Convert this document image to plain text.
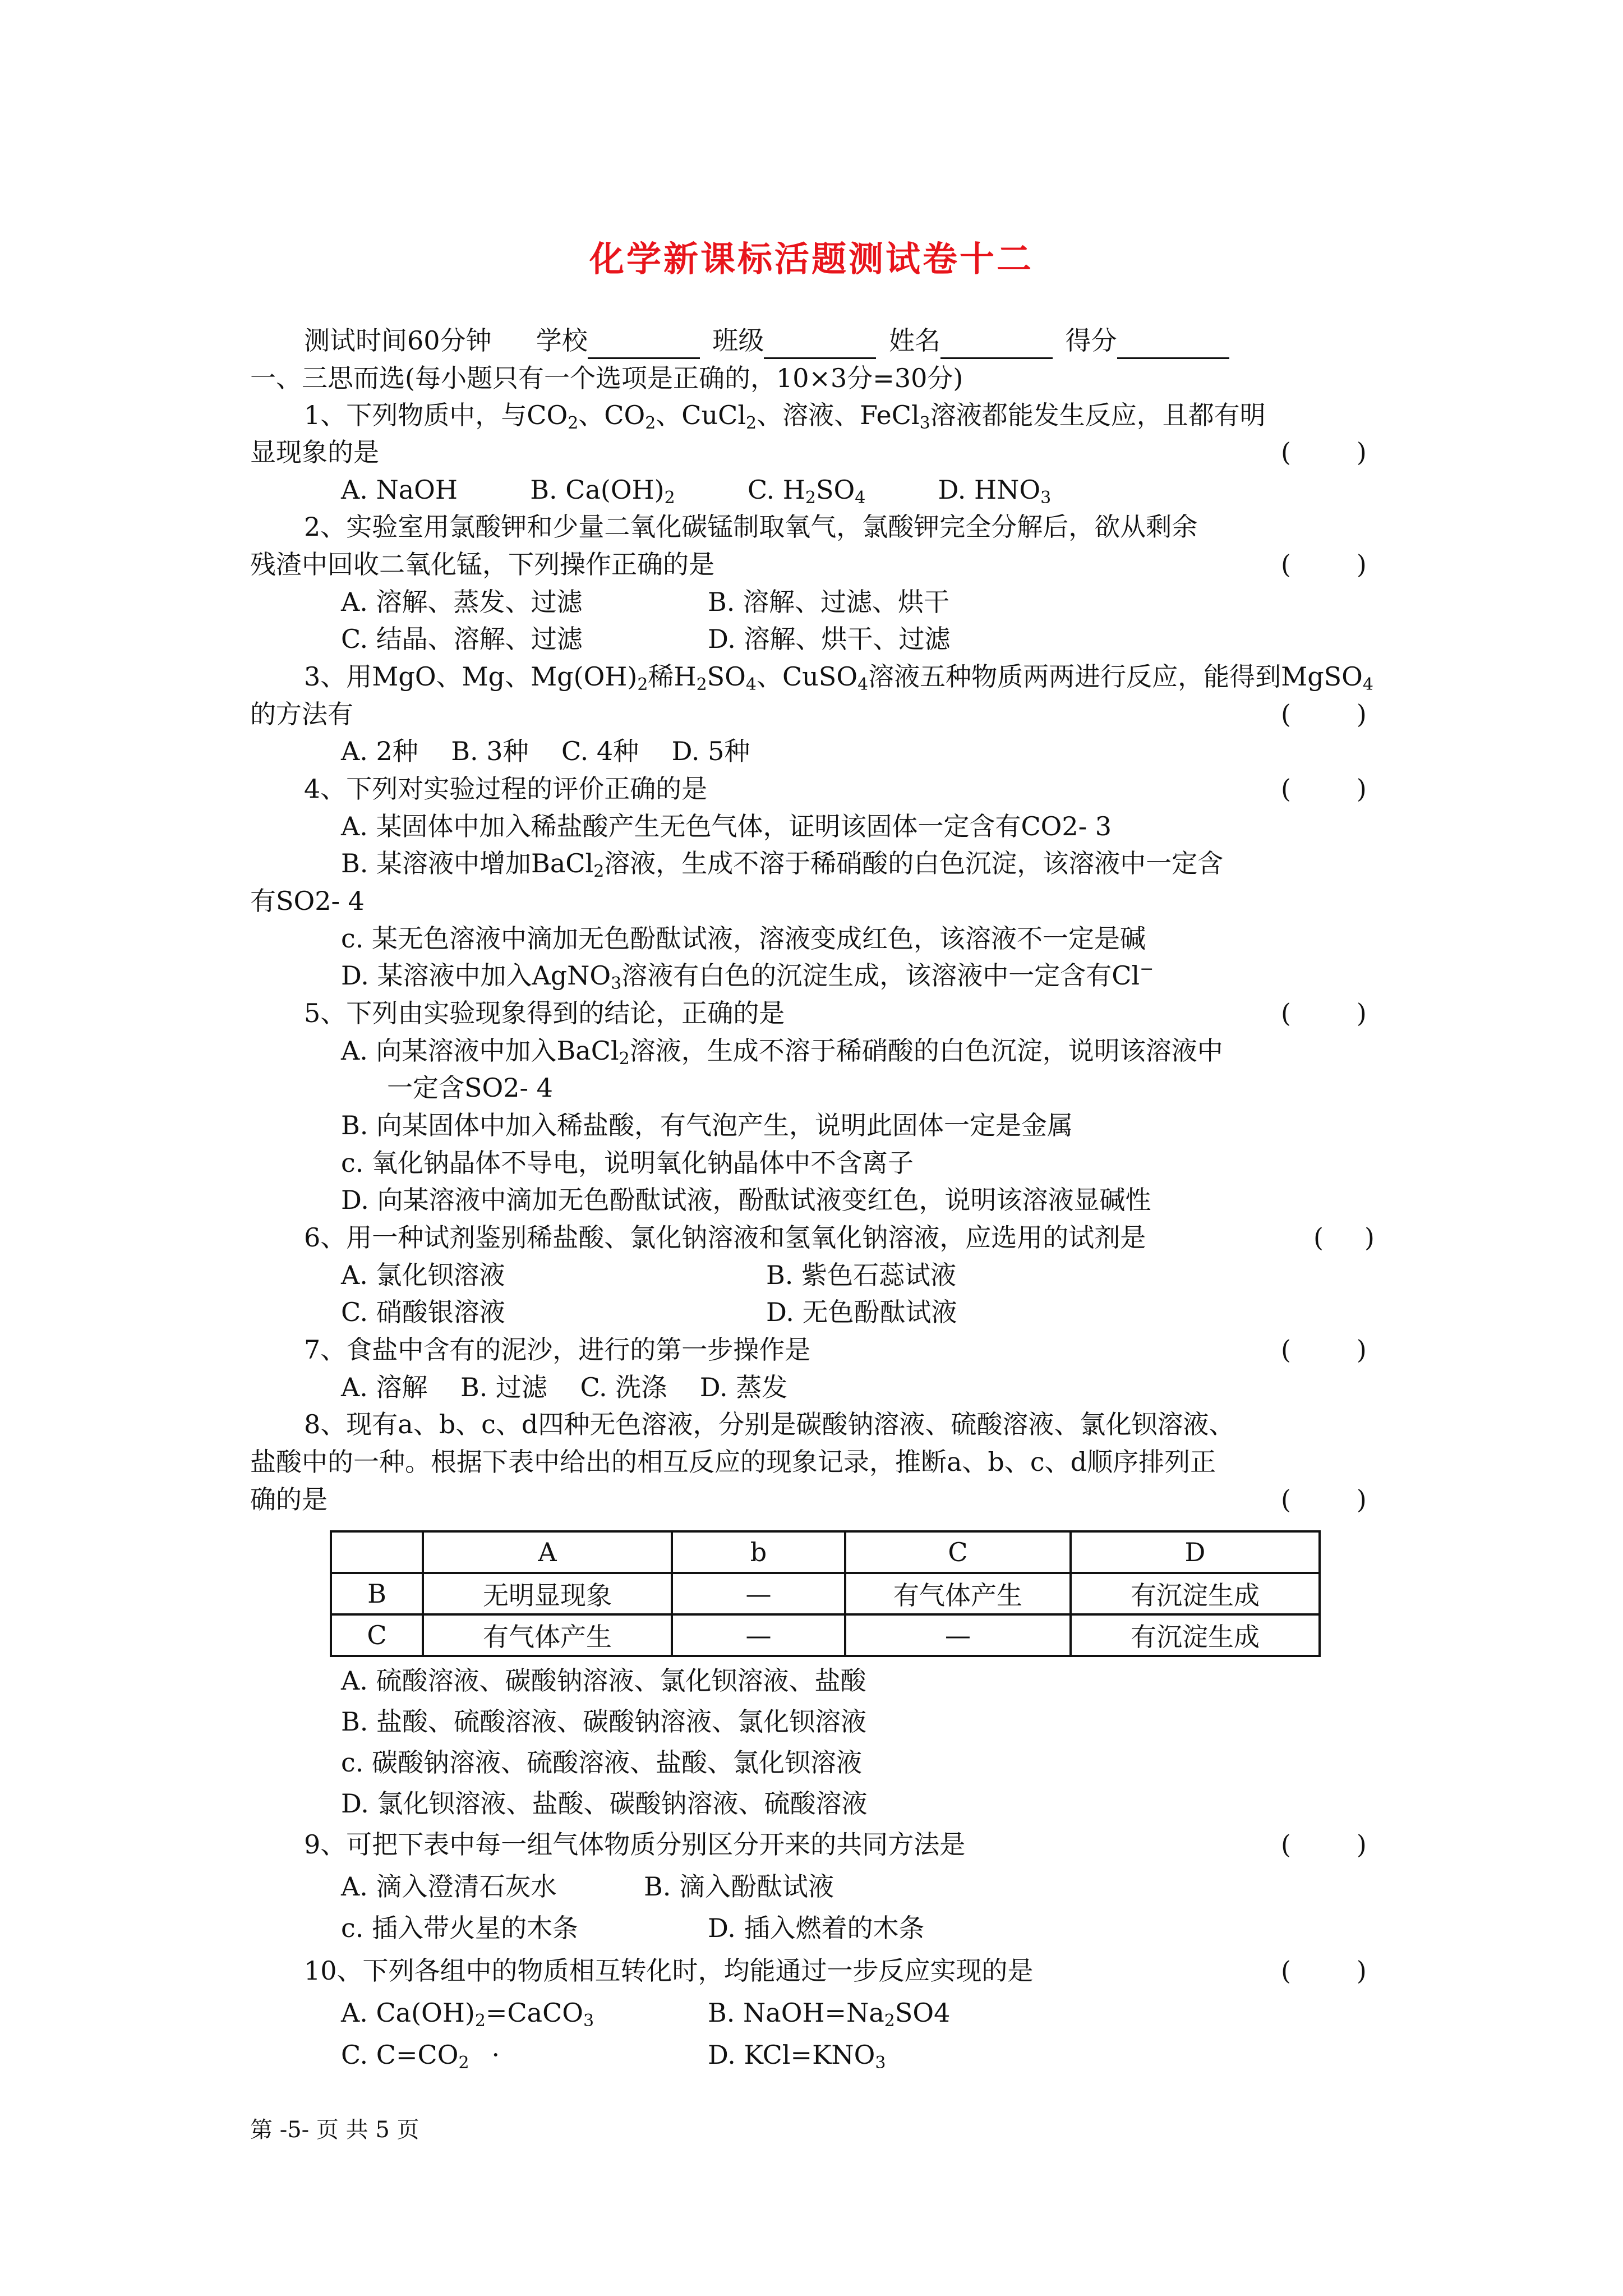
化学新课标活题测试卷十二
测试时间60分钟 学校	班级	姓名	得分
一、三思而选(每小题只有一个选项是正确的，10×3分=30分)
1、下列物质中，与$CO_2$、$CO_2$、CuCl$_2$、溶液、FeCl$_3$溶液都能发生反应，且都有明
显现象的是	(        )
A. NaOH	B. $Ca(OH)_2$	C. $H_2SO_4$	D. $HNO_3$
2、实验室用氯酸钾和少量二氧化碳锰制取氧气，氯酸钾完全分解后，欲从剩余
残渣中回收二氧化锰，下列操作正确的是	(        )
A. 溶解、蒸发、过滤	B. 溶解、过滤、烘干
C. 结晶、溶解、过滤	D. 溶解、烘干、过滤
3、用MgO、Mg、$Mg(OH)_2$稀$H_2SO_4$、CuSO$_4$溶液五种物质两两进行反应，能得到MgSO$_4$
的方法有	(        )
A. 2种    B. 3种    C. 4种    D. 5种
4、下列对实验过程的评价正确的是	(        )
A. 某固体中加入稀盐酸产生无色气体，证明该固体一定含有CO2- 3
B. 某溶液中增加BaCl$_2$溶液，生成不溶于稀硝酸的白色沉淀，该溶液中一定含
有SO2- 4
c. 某无色溶液中滴加无色酚酞试液，溶液变成红色，该溶液不一定是碱
D. 某溶液中加入AgNO$_3$溶液有白色的沉淀生成，该溶液中一定含有Cl−
5、下列由实验现象得到的结论，正确的是	(        )
A. 向某溶液中加入BaCl$_2$溶液，生成不溶于稀硝酸的白色沉淀，说明该溶液中
一定含SO2- 4
B. 向某固体中加入稀盐酸，有气泡产生，说明此固体一定是金属
c. 氧化钠晶体不导电，说明氧化钠晶体中不含离子
D. 向某溶液中滴加无色酚酞试液，酚酞试液变红色，说明该溶液显碱性
6、用一种试剂鉴别稀盐酸、氯化钠溶液和氢氧化钠溶液，应选用的试剂是	(     )
A. 氯化钡溶液	B. 紫色石蕊试液
C. 硝酸银溶液	D. 无色酚酞试液
7、食盐中含有的泥沙，进行的第一步操作是	(        )
A. 溶解    B. 过滤    C. 洗涤    D. 蒸发
8、现有a、b、c、d四种无色溶液，分别是碳酸钠溶液、硫酸溶液、氯化钡溶液、
盐酸中的一种。根据下表中给出的相互反应的现象记录，推断a、b、c、d顺序排列正
确的是	(        )
	A	b	C	D
B	无明显现象	—	有气体产生	有沉淀生成
C	有气体产生	—	—	有沉淀生成
A. 硫酸溶液、碳酸钠溶液、氯化钡溶液、盐酸
B. 盐酸、硫酸溶液、碳酸钠溶液、氯化钡溶液
c. 碳酸钠溶液、硫酸溶液、盐酸、氯化钡溶液
D. 氯化钡溶液、盐酸、碳酸钠溶液、硫酸溶液
9、可把下表中每一组气体物质分别区分开来的共同方法是	(        )
A. 滴入澄清石灰水	B. 滴入酚酞试液
c. 插入带火星的木条	D. 插入燃着的木条
10、下列各组中的物质相互转化时，均能通过一步反应实现的是	(        )
A. $Ca(OH)_2=CaCO_3$	B. $NaOH=Na_2SO4$
C. $C=CO_2$ ·	D. $KCl=KNO_3$
第 -5- 页 共 5 页
